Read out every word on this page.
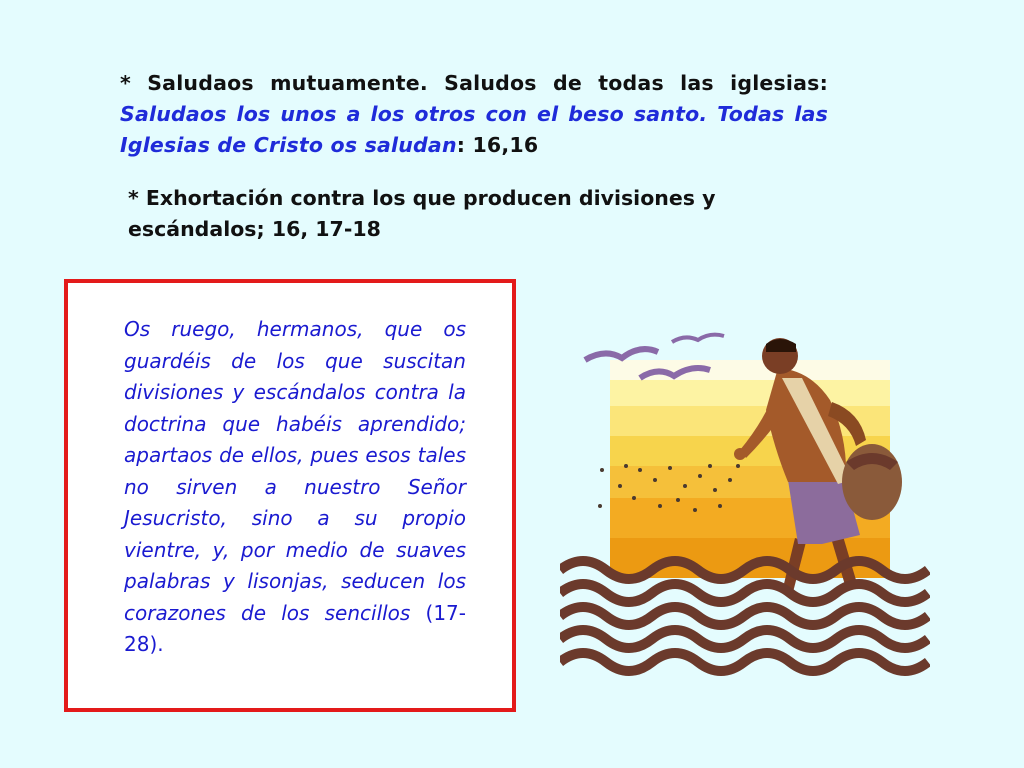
* Saludaos mutuamente. Saludos de todas las iglesias: Saludaos los unos a los otros con el beso santo. Todas las Iglesias de Cristo os saludan: 16,16
* Exhortación contra los que producen divisiones y escándalos; 16, 17-18
Os ruego, hermanos, que os guardéis de los que suscitan divisiones y escándalos contra la doctrina que habéis aprendido; apartaos de ellos, pues esos tales no sirven a nuestro Señor Jesucristo, sino a su propio vientre, y, por medio de suaves palabras y lisonjas, seducen los corazones de los sencillos (17-28).
